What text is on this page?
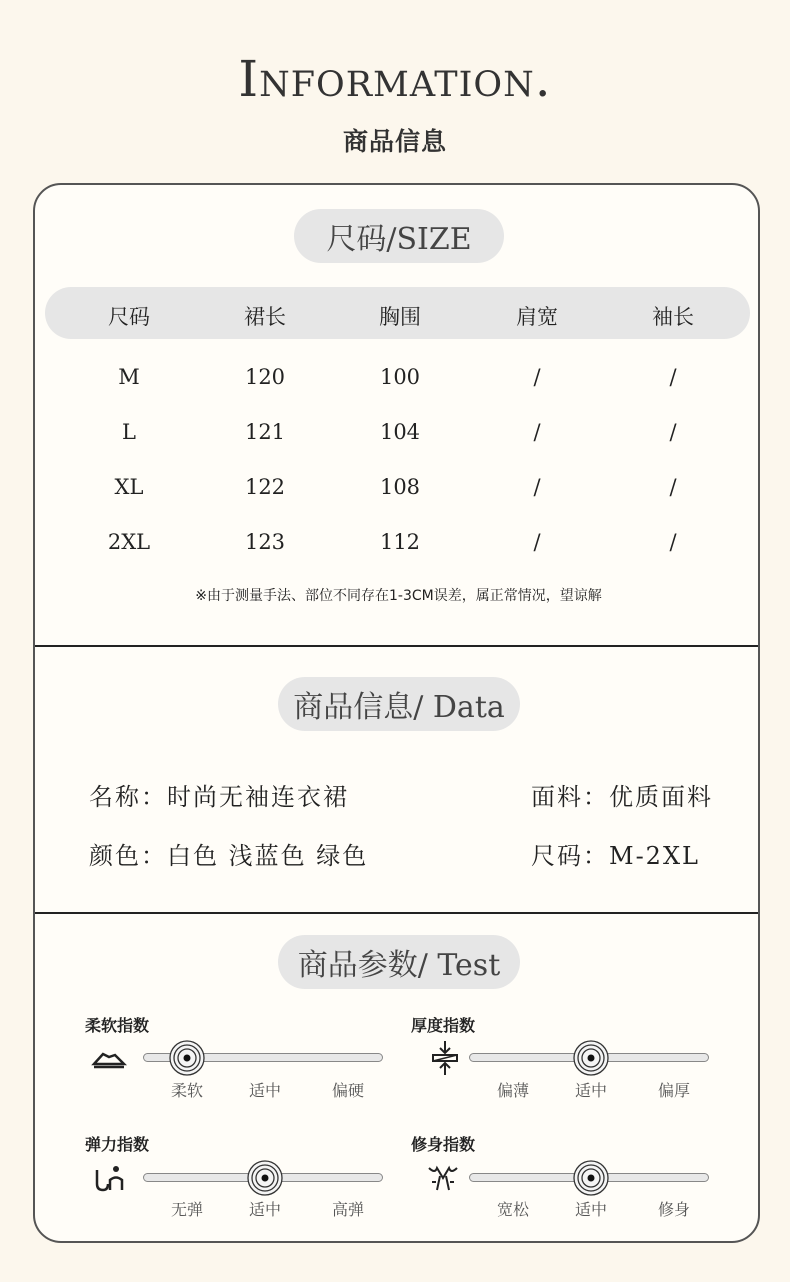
Information.
商品信息
尺码/SIZE
尺码	裙长	胸围	肩宽	袖长
M	120	100	/	/
L	121	104	/	/
XL	122	108	/	/
2XL	123	112	/	/
※由于测量手法、部位不同存在1-3CM误差，属正常情况，望谅解
商品信息/ Data
名称：时尚无袖连衣裙	面料：优质面料
颜色：白色 浅蓝色 绿色	尺码：M-2XL
商品参数/ Test
柔软指数
柔软	适中	偏硬
厚度指数
偏薄	适中	偏厚
弹力指数
无弹	适中	高弹
修身指数
宽松	适中	修身
